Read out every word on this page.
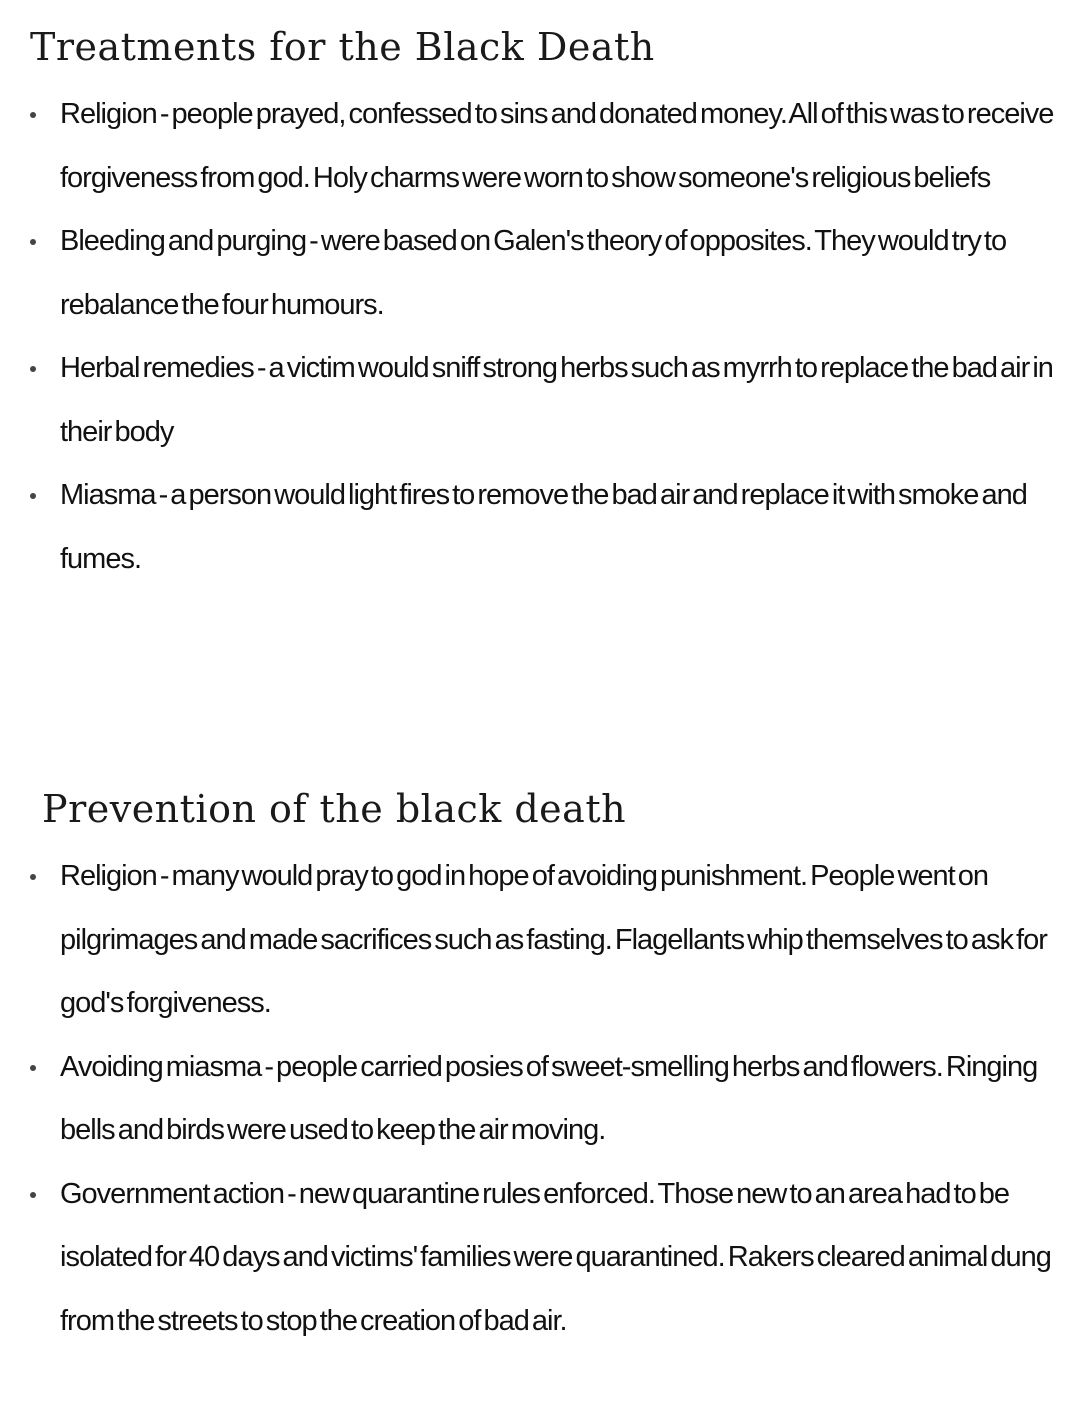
Treatments for the Black Death
Religion - people prayed, confessed to sins and donated money. All of this was to receive forgiveness from god. Holy charms were worn to show someone's religious beliefs
Bleeding and purging - were based on Galen's theory of opposites. They would try to rebalance the four humours.
Herbal remedies - a victim would sniff strong herbs such as myrrh to replace the bad air in their body
Miasma - a person would light fires to remove the bad air and replace it with smoke and fumes.
Prevention of the black death
Religion - many would pray to god in hope of avoiding punishment. People went on pilgrimages and made sacrifices such as fasting. Flagellants whip themselves to ask for god's forgiveness.
Avoiding miasma - people carried posies of sweet-smelling herbs and flowers. Ringing bells and birds were used to keep the air moving.
Government action - new quarantine rules enforced. Those new to an area had to be isolated for 40 days and victims' families were quarantined. Rakers cleared animal dung from the streets to stop the creation of bad air.
